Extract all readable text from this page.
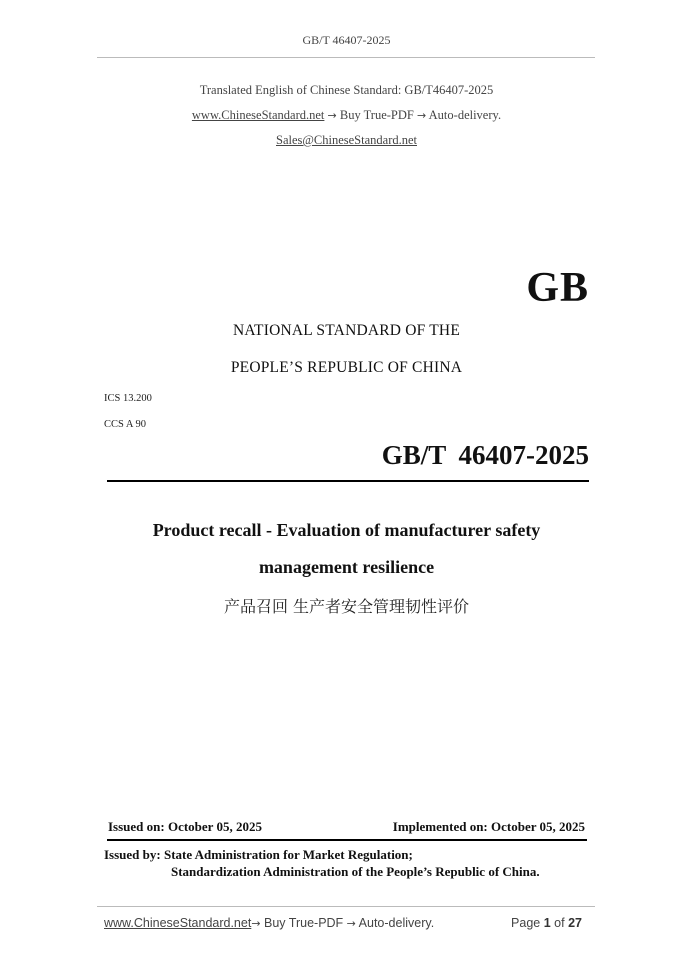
GB/T 46407-2025
Translated English of Chinese Standard: GB/T46407-2025
www.ChineseStandard.net → Buy True-PDF → Auto-delivery.
Sales@ChineseStandard.net
GB
NATIONAL STANDARD OF THE
PEOPLE’S REPUBLIC OF CHINA
ICS 13.200
CCS A 90
GB/T 46407-2025
Product recall - Evaluation of manufacturer safety
management resilience
产品召回 生产者安全管理韧性评价
Issued on: October 05, 2025	Implemented on: October 05, 2025
Issued by: State Administration for Market Regulation;
Standardization Administration of the People’s Republic of China.
www.ChineseStandard.net→ Buy True-PDF → Auto-delivery.	Page 1 of 27
